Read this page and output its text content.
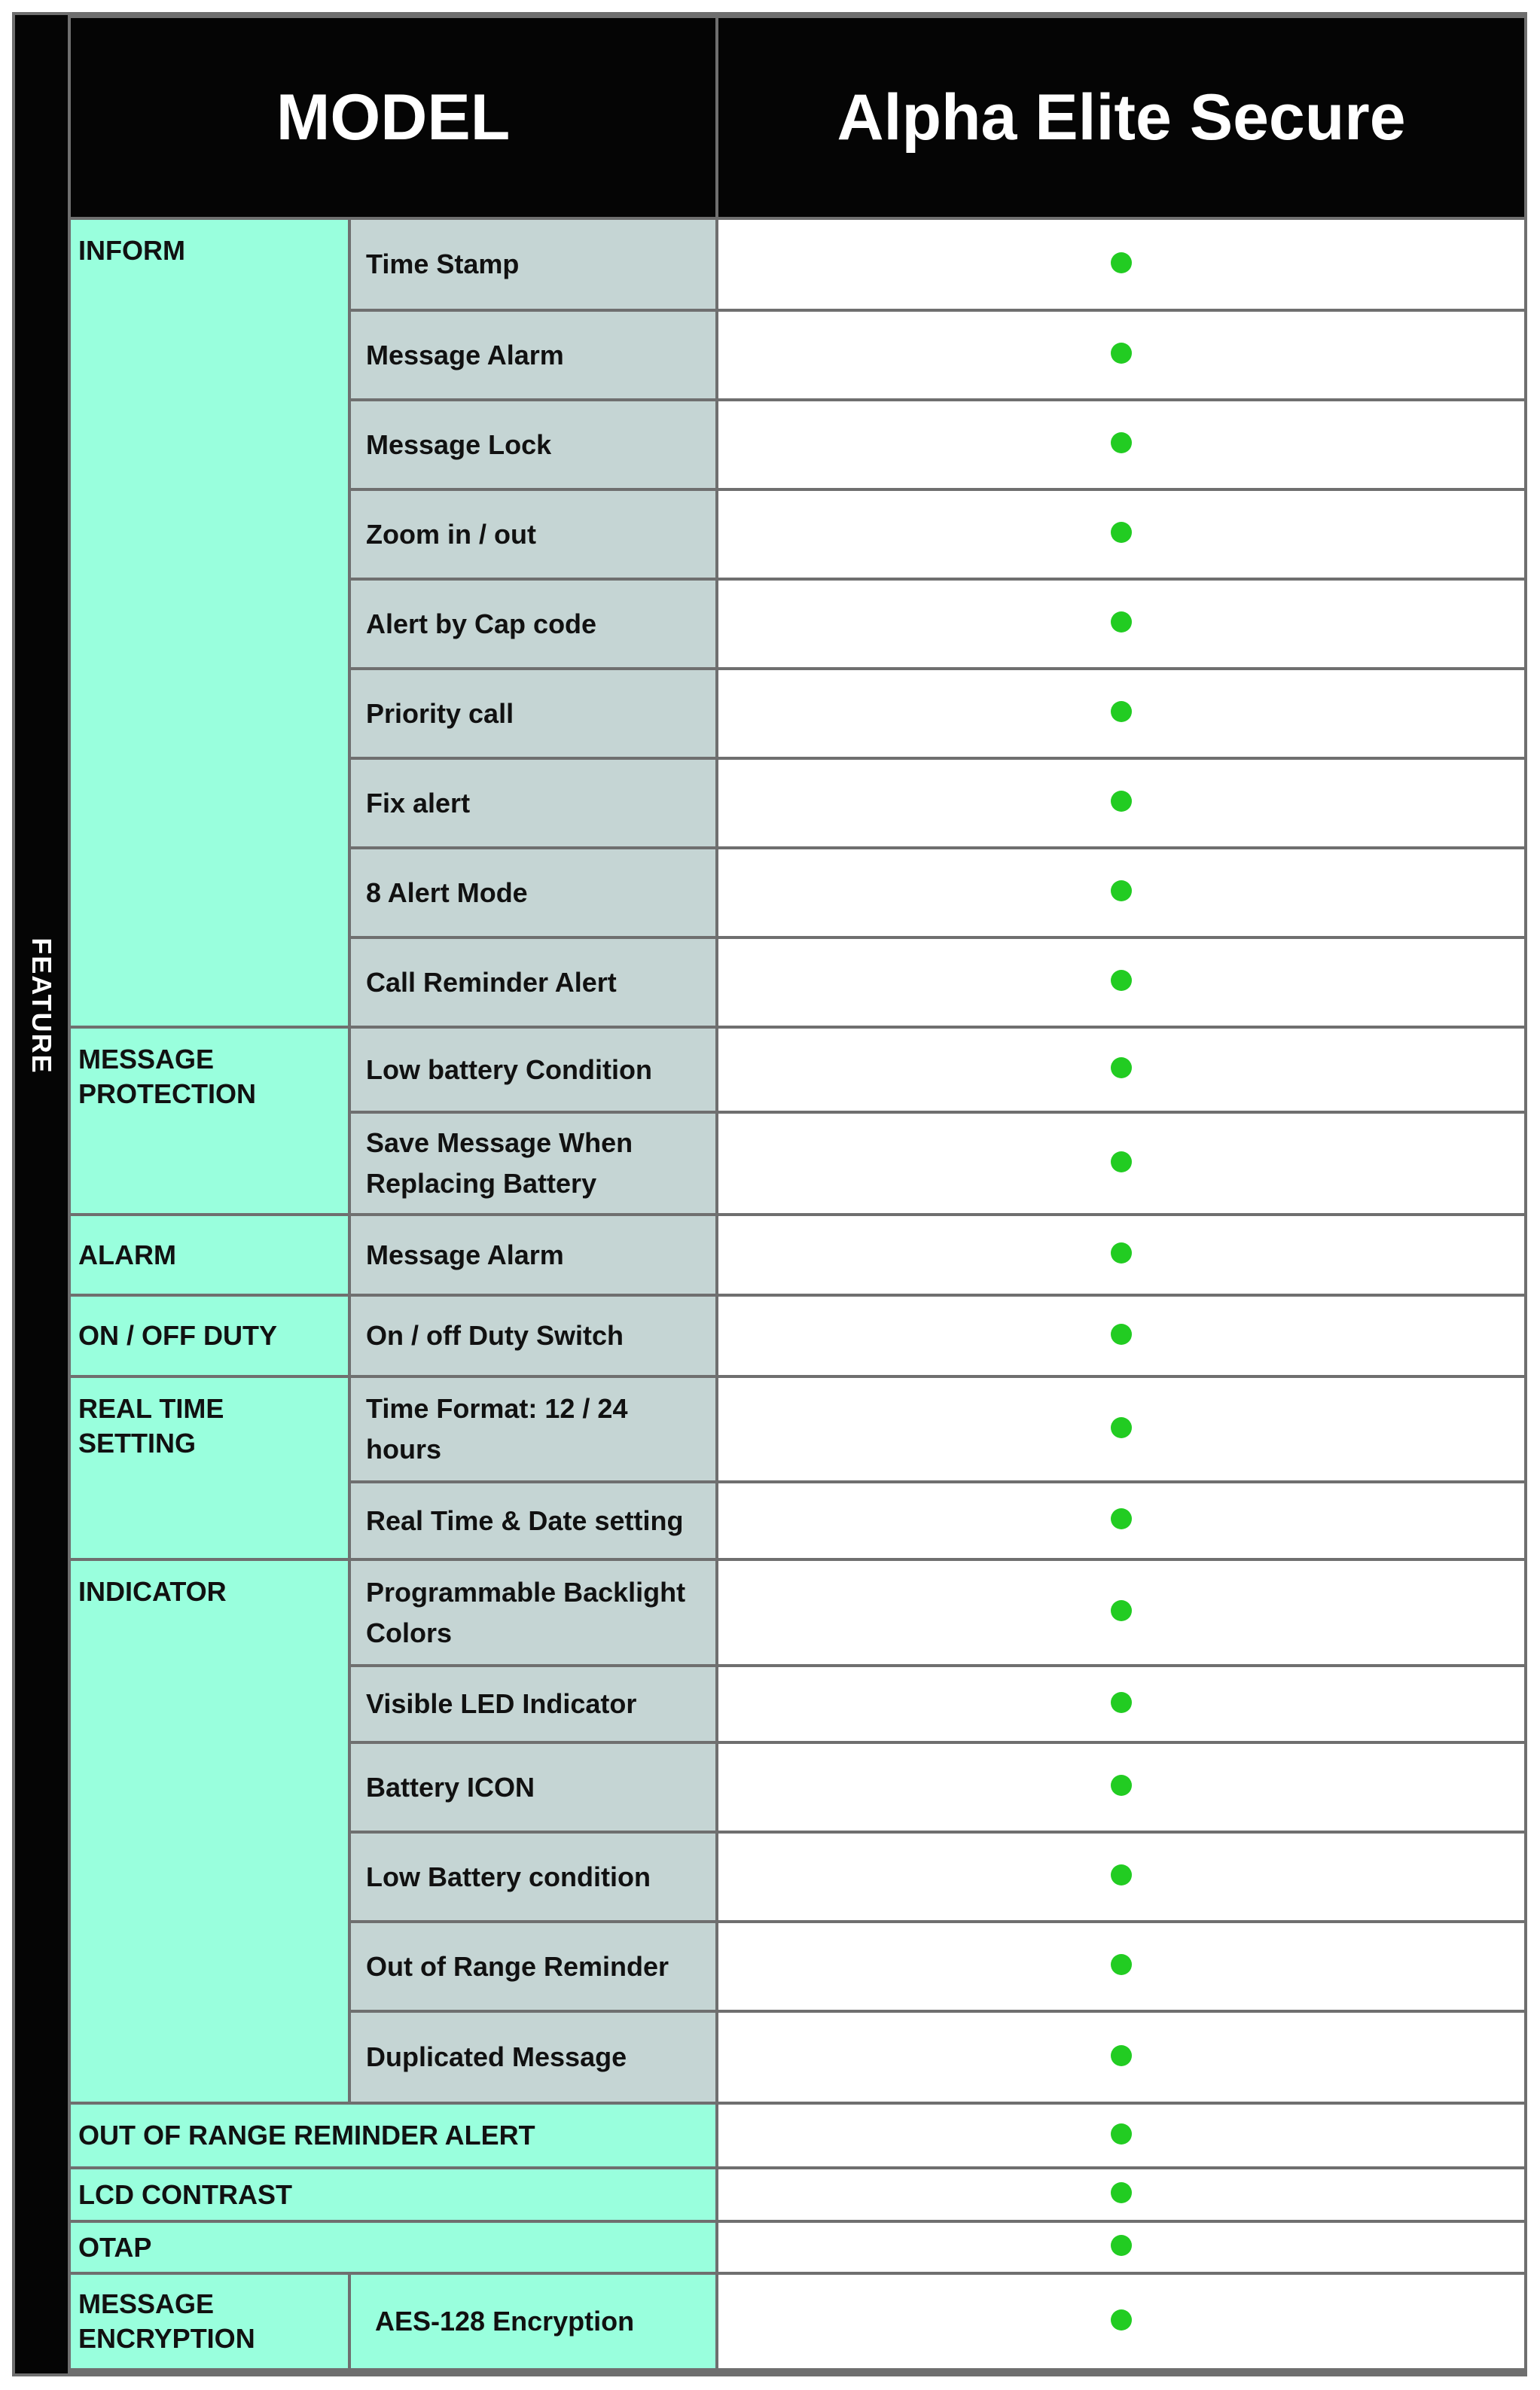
FEATURE
MODEL		Alpha Elite Secure
INFORM	Time Stamp	
	Message Alarm	
	Message Lock	
	Zoom in / out	
	Alert by Cap code	
	Priority call	
	Fix alert	
	8 Alert Mode	
	Call Reminder Alert	
MESSAGE PROTECTION	Low battery Condition	
	Save Message When Replacing Battery	
ALARM	Message Alarm	
ON / OFF DUTY	On / off Duty Switch	
REAL TIME SETTING	Time Format: 12 / 24 hours	
	Real Time & Date setting	
INDICATOR	Programmable Backlight Colors	
	Visible LED Indicator	
	Battery ICON	
	Low Battery condition	
	Out of Range Reminder	
	Duplicated Message	
OUT OF RANGE REMINDER ALERT		
LCD CONTRAST		
OTAP		
MESSAGE ENCRYPTION	AES-128 Encryption	
